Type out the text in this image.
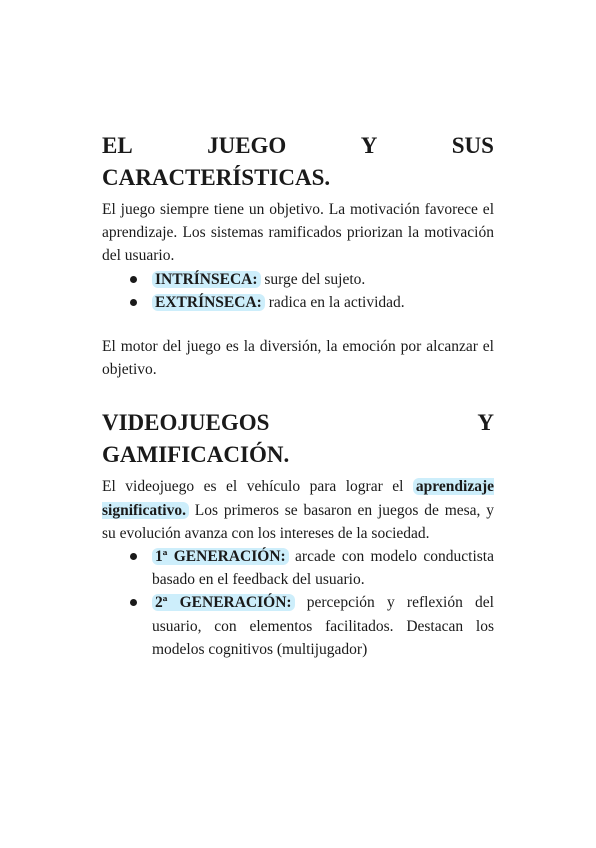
EL	JUEGO	Y	SUS
CARACTERÍSTICAS.

El juego siempre tiene un objetivo. La motivación favorece el aprendizaje. Los sistemas ramificados priorizan la motivación del usuario.

INTRÍNSECA: surge del sujeto.
EXTRÍNSECA: radica en la actividad.

El motor del juego es la diversión, la emoción por alcanzar el objetivo.

VIDEOJUEGOS	Y
GAMIFICACIÓN.

El videojuego es el vehículo para lograr el aprendizaje significativo. Los primeros se basaron en juegos de mesa, y su evolución avanza con los intereses de la sociedad.

1ª GENERACIÓN: arcade con modelo conductista basado en el feedback del usuario.
2ª GENERACIÓN: percepción y reflexión del usuario, con elementos facilitados. Destacan los modelos cognitivos (multijugador)
